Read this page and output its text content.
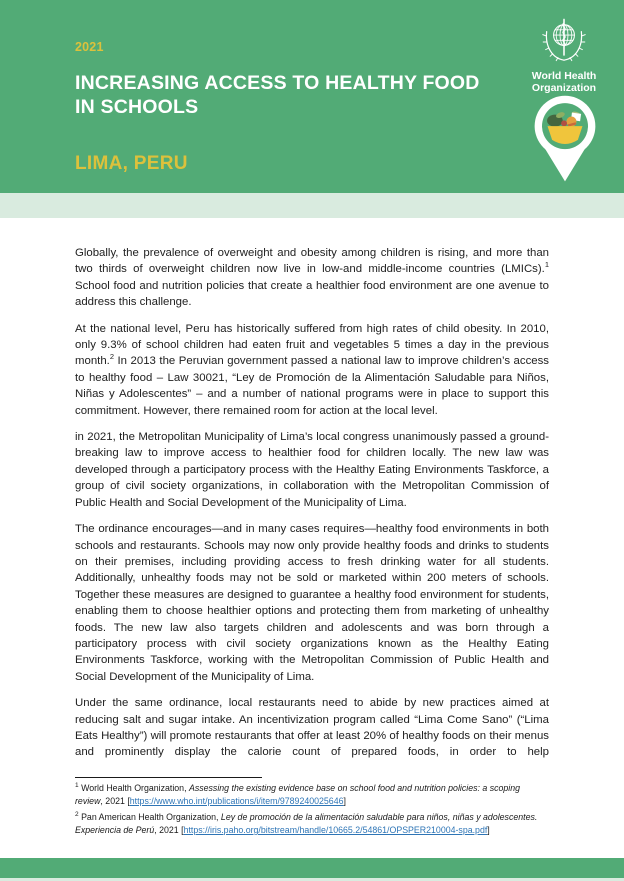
2021
INCREASING ACCESS TO HEALTHY FOOD
IN SCHOOLS
LIMA, PERU
World Health
Organization

Globally, the prevalence of overweight and obesity among children is rising, and more than two thirds of overweight children now live in low-and middle-income countries (LMICs).$^1$ School food and nutrition policies that create a healthier food environment are one avenue to address this challenge.

At the national level, Peru has historically suffered from high rates of child obesity. In 2010, only 9.3% of school children had eaten fruit and vegetables 5 times a day in the previous month.$^2$ In 2013 the Peruvian government passed a national law to improve children’s access to healthy food – Law 30021, “Ley de Promoción de la Alimentación Saludable para Niños, Niñas y Adolescentes” – and a number of national programs were in place to support this commitment. However, there remained room for action at the local level.

in 2021, the Metropolitan Municipality of Lima’s local congress unanimously passed a ground-breaking law to improve access to healthier food for children locally. The new law was developed through a participatory process with the Healthy Eating Environments Taskforce, a group of civil society organizations, in collaboration with the Metropolitan Commission of Public Health and Social Development of the Municipality of Lima.

The ordinance encourages—and in many cases requires—healthy food environments in both schools and restaurants. Schools may now only provide healthy foods and drinks to students on their premises, including providing access to fresh drinking water for all students. Additionally, unhealthy foods may not be sold or marketed within 200 meters of schools. Together these measures are designed to guarantee a healthy food environment for students, enabling them to choose healthier options and protecting them from marketing of unhealthy foods. The new law also targets children and adolescents and was born through a participatory process with civil society organizations known as the Healthy Eating Environments Taskforce, working with the Metropolitan Commission of Public Health and Social Development of the Municipality of Lima.

Under the same ordinance, local restaurants need to abide by new practices aimed at reducing salt and sugar intake. An incentivization program called “Lima Come Sano” (“Lima Eats Healthy”) will promote restaurants that offer at least 20% of healthy foods on their menus and prominently display the calorie count of prepared foods, in order to help

$^1$ World Health Organization, Assessing the existing evidence base on school food and nutrition policies: a scoping review, 2021 [https://www.who.int/publications/i/item/9789240025646]
$^2$ Pan American Health Organization, Ley de promoción de la alimentación saludable para niños, niñas y adolescentes. Experiencia de Perú, 2021 [https://iris.paho.org/bitstream/handle/10665.2/54861/OPSPER210004-spa.pdf]
